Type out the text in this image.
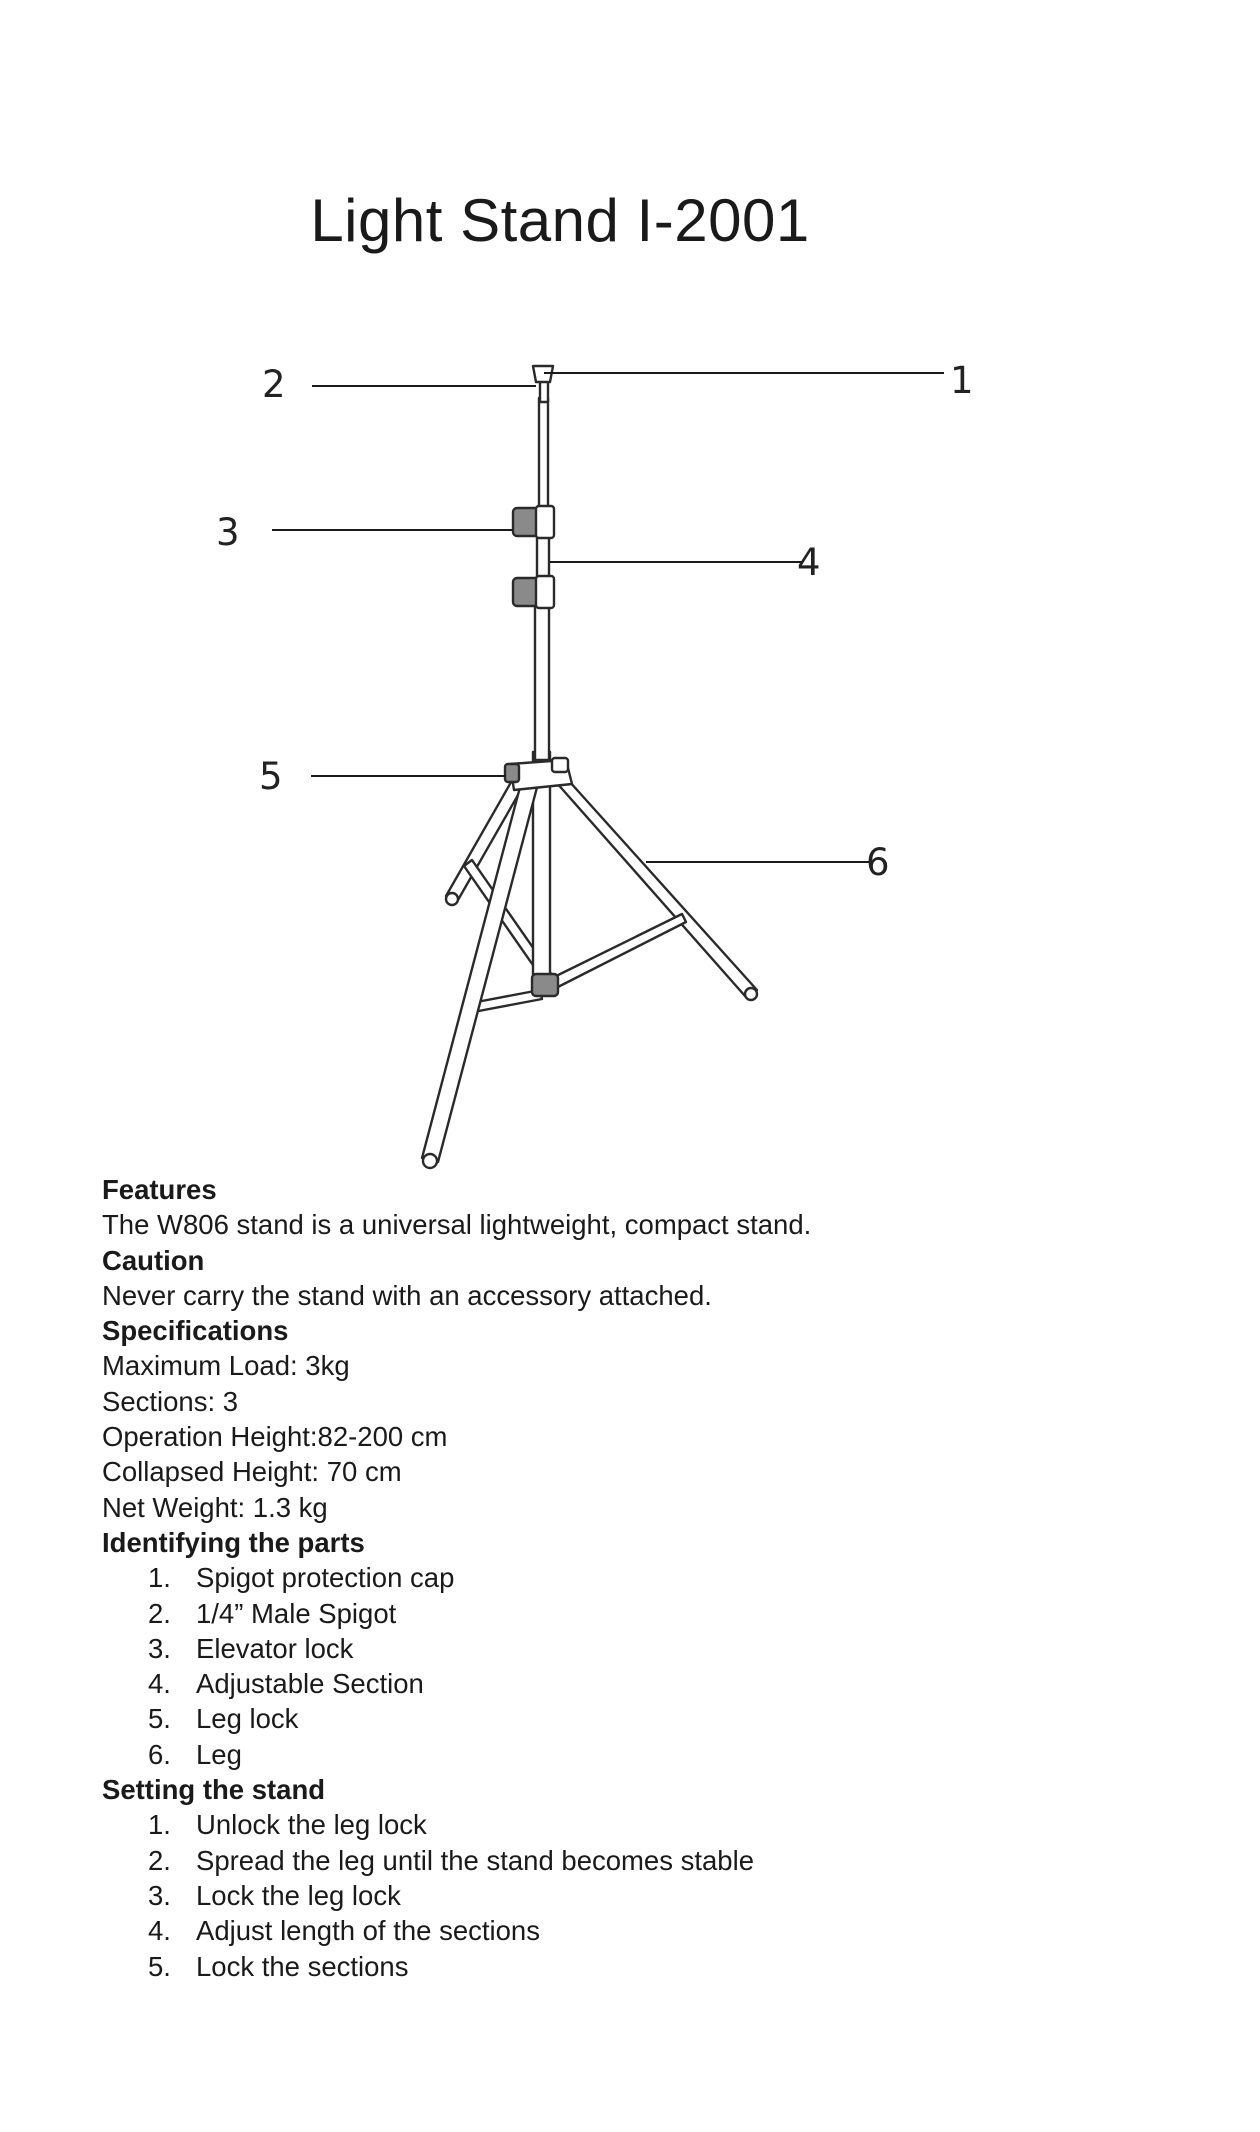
Light Stand I-2001
1
2
3
4
5
6

Features

The W806 stand is a universal lightweight, compact stand.

Caution

Never carry the stand with an accessory attached.

Specifications

Maximum Load: 3kg

Sections: 3

Operation Height:82-200 cm

Collapsed Height: 70 cm

Net Weight: 1.3 kg

Identifying the parts

1. Spigot protection cap
2. 1/4” Male Spigot
3. Elevator lock
4. Adjustable Section
5. Leg lock
6. Leg

Setting the stand

1. Unlock the leg lock
2. Spread the leg until the stand becomes stable
3. Lock the leg lock
4. Adjust length of the sections
5. Lock the sections
